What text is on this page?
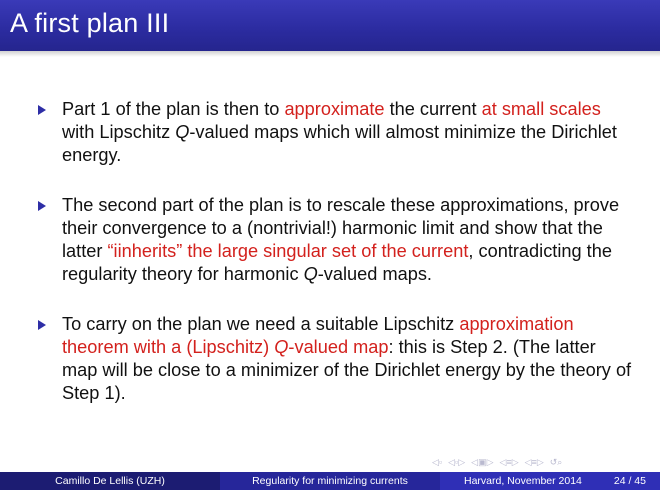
A first plan III
Part 1 of the plan is then to approximate the current at small scales with Lipschitz Q-valued maps which will almost minimize the Dirichlet energy.
The second part of the plan is to rescale these approximations, prove their convergence to a (nontrivial!) harmonic limit and show that the latter “iinherits” the large singular set of the current, contradicting the regularity theory for harmonic Q-valued maps.
To carry on the plan we need a suitable Lipschitz approximation theorem with a (Lipschitz) Q-valued map: this is Step 2. (The latter map will be close to a minimizer of the Dirichlet energy by the theory of Step 1).
◁▫ ◁▫▷ ◁▣▷ ◁≡▷ ◁≡▷ ↺⌕
Camillo De Lellis (UZH)	Regularity for minimizing currents	Harvard, November 2014	24 / 45
